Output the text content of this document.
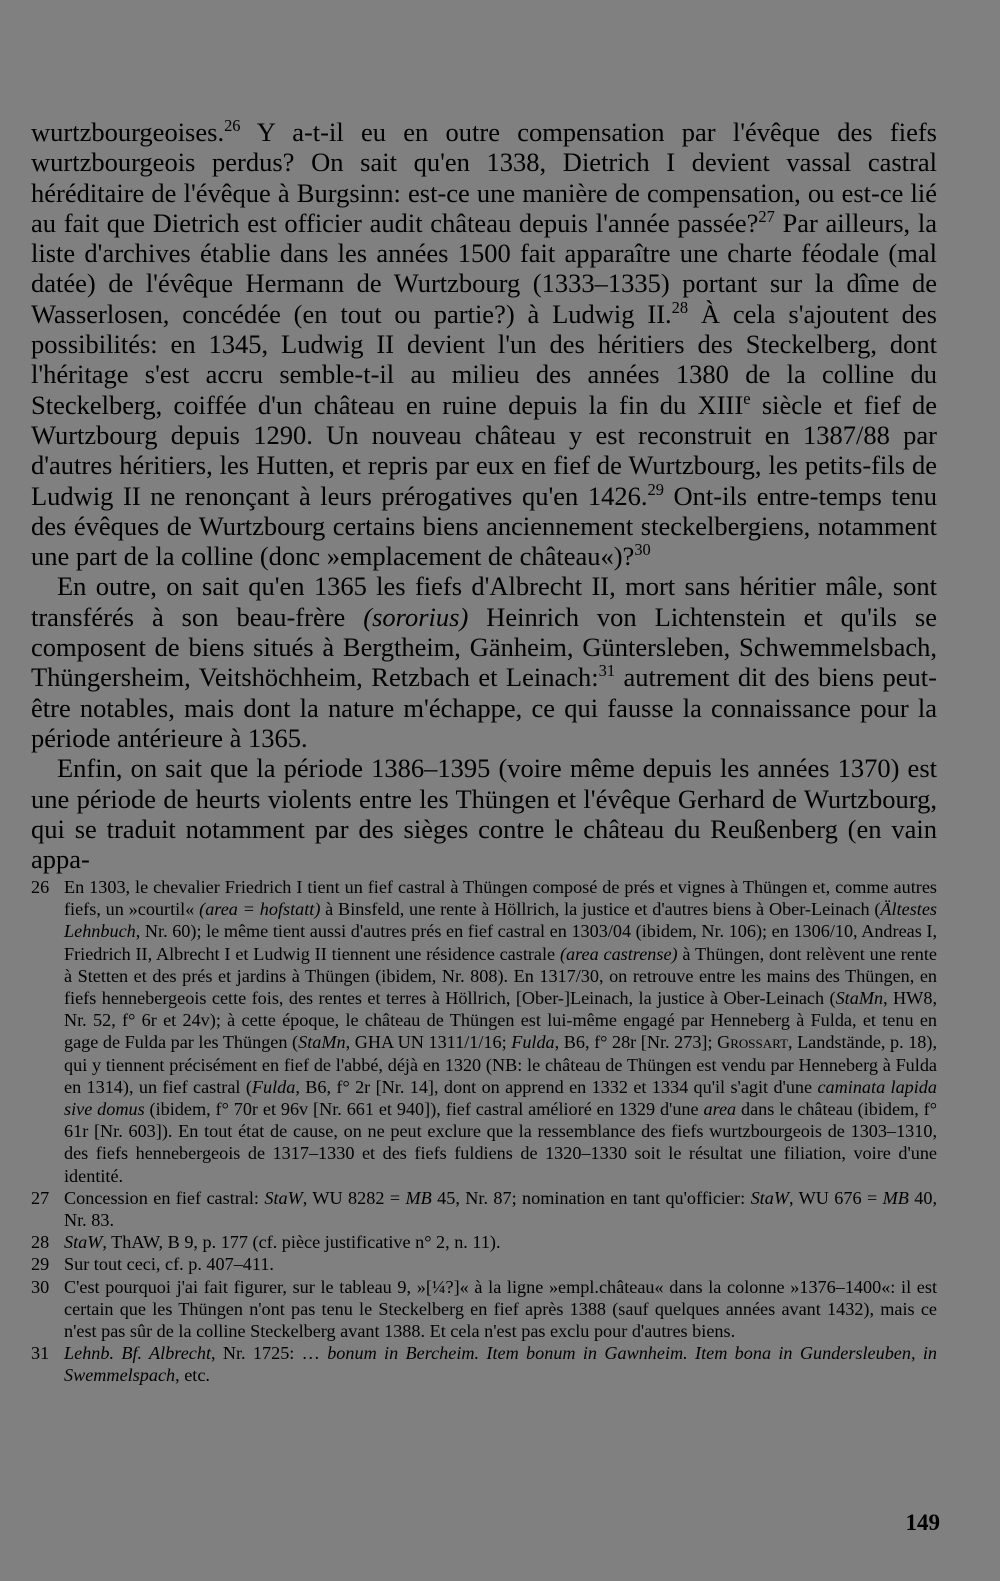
wurtzbourgeoises.$^{26}$ Y a-t-il eu en outre compensation par l'évêque des fiefs wurtzbourgeois perdus? On sait qu'en 1338, Dietrich I devient vassal castral héréditaire de l'évêque à Burgsinn: est-ce une manière de compensation, ou est-ce lié au fait que Dietrich est officier audit château depuis l'année passée?$^{27}$ Par ailleurs, la liste d'archives établie dans les années 1500 fait apparaître une charte féodale (mal datée) de l'évêque Hermann de Wurtzbourg (1333–1335) portant sur la dîme de Wasserlosen, concédée (en tout ou partie?) à Ludwig II.$^{28}$ À cela s'ajoutent des possibilités: en 1345, Ludwig II devient l'un des héritiers des Steckelberg, dont l'héritage s'est accru semble-t-il au milieu des années 1380 de la colline du Steckelberg, coiffée d'un château en ruine depuis la fin du XIIIe siècle et fief de Wurtzbourg depuis 1290. Un nouveau château y est reconstruit en 1387/88 par d'autres héritiers, les Hutten, et repris par eux en fief de Wurtzbourg, les petits-fils de Ludwig II ne renonçant à leurs prérogatives qu'en 1426.29 Ont-ils entre-temps tenu des évêques de Wurtzbourg certains biens anciennement steckelbergiens, notamment une part de la colline (donc »emplacement de château«)?$^{30}$

En outre, on sait qu'en 1365 les fiefs d'Albrecht II, mort sans héritier mâle, sont transférés à son beau-frère (sororius) Heinrich von Lichtenstein et qu'ils se composent de biens situés à Bergtheim, Gänheim, Güntersleben, Schwemmelsbach, Thüngersheim, Veitshöchheim, Retzbach et Leinach:$^{31}$ autrement dit des biens peut-être notables, mais dont la nature m'échappe, ce qui fausse la connaissance pour la période antérieure à 1365.

Enfin, on sait que la période 1386–1395 (voire même depuis les années 1370) est une période de heurts violents entre les Thüngen et l'évêque Gerhard de Wurtzbourg, qui se traduit notamment par des sièges contre le château du Reußenberg (en vain appa-

26 En 1303, le chevalier Friedrich I tient un fief castral à Thüngen composé de prés et vignes à Thüngen et, comme autres fiefs, un »courtil« (area = hofstatt) à Binsfeld, une rente à Höllrich, la justice et d'autres biens à Ober-Leinach (Ältestes Lehnbuch, Nr. 60); le même tient aussi d'autres prés en fief castral en 1303/04 (ibidem, Nr. 106); en 1306/10, Andreas I, Friedrich II, Albrecht I et Ludwig II tiennent une résidence castrale (area castrense) à Thüngen, dont relèvent une rente à Stetten et des prés et jardins à Thüngen (ibidem, Nr. 808). En 1317/30, on retrouve entre les mains des Thüngen, en fiefs hennebergeois cette fois, des rentes et terres à Höllrich, [Ober-]Leinach, la justice à Ober-Leinach (StaMn, HW8, Nr. 52, f° 6r et 24v); à cette époque, le château de Thüngen est lui-même engagé par Henneberg à Fulda, et tenu en gage de Fulda par les Thüngen (StaMn, GHA UN 1311/1/16; Fulda, B6, f° 28r [Nr. 273]; Grossart, Landstände, p. 18), qui y tiennent précisément en fief de l'abbé, déjà en 1320 (NB: le château de Thüngen est vendu par Henneberg à Fulda en 1314), un fief castral (Fulda, B6, f° 2r [Nr. 14], dont on apprend en 1332 et 1334 qu'il s'agit d'une caminata lapida sive domus (ibidem, f° 70r et 96v [Nr. 661 et 940]), fief castral amélioré en 1329 d'une area dans le château (ibidem, f° 61r [Nr. 603]). En tout état de cause, on ne peut exclure que la ressemblance des fiefs wurtzbourgeois de 1303–1310, des fiefs hennebergeois de 1317–1330 et des fiefs fuldiens de 1320–1330 soit le résultat une filiation, voire d'une identité.
27 Concession en fief castral: StaW, WU 8282 = MB 45, Nr. 87; nomination en tant qu'officier: StaW, WU 676 = MB 40, Nr. 83.
28 StaW, ThAW, B 9, p. 177 (cf. pièce justificative n° 2, n. 11).
29 Sur tout ceci, cf. p. 407–411.
30 C'est pourquoi j'ai fait figurer, sur le tableau 9, »[¼?]« à la ligne »empl.château« dans la colonne »1376–1400«: il est certain que les Thüngen n'ont pas tenu le Steckelberg en fief après 1388 (sauf quelques années avant 1432), mais ce n'est pas sûr de la colline Steckelberg avant 1388. Et cela n'est pas exclu pour d'autres biens.
31 Lehnb. Bf. Albrecht, Nr. 1725: … bonum in Bercheim. Item bonum in Gawnheim. Item bona in Gundersleuben, in Swemmelspach, etc.
149
